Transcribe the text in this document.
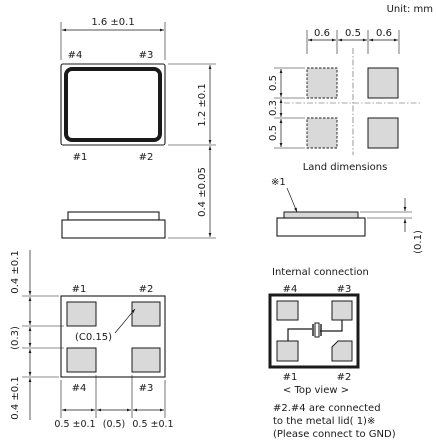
Unit: mm
1.6 ±0.1
#4	#3
#1	#2
1.2 ±0.1
0.4 ±0.05
0.6 0.5 0.6
0.5
0.3
0.5
Land dimensions
※1
(0.1)
#1	#2
(C0.15)
#4	#3
0.4 ±0.1
(0.3)
0.4 ±0.1
0.5 ±0.1 (0.5) 0.5 ±0.1
Internal connection
#4	#3
#1	#2
< Top view >
#2.#4 are connected
to the metal lid( 1)※
(Please connect to GND)
